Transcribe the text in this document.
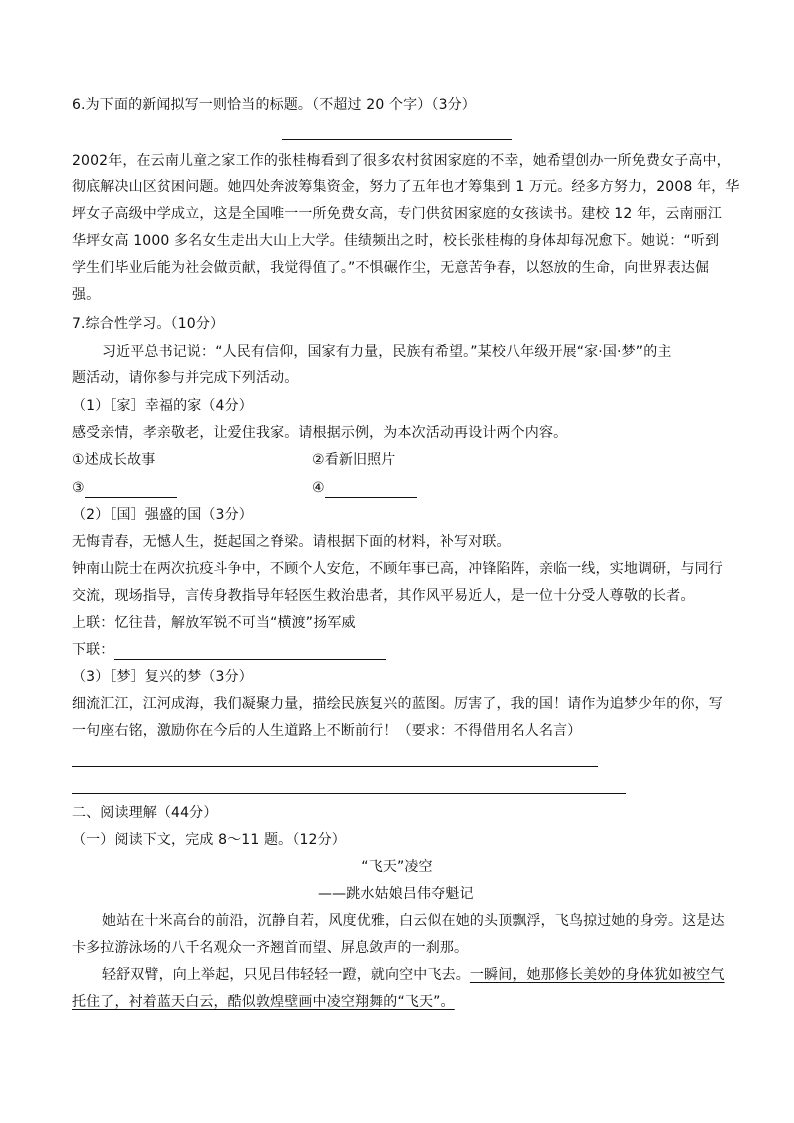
6.为下面的新闻拟写一则恰当的标题。（不超过 20 个字）（3分）
2002年，在云南儿童之家工作的张桂梅看到了很多农村贫困家庭的不幸，她希望创办一所免费女子高中，
彻底解决山区贫困问题。她四处奔波筹集资金，努力了五年也才筹集到 1 万元。经多方努力，2008 年，华
坪女子高级中学成立，这是全国唯一一所免费女高，专门供贫困家庭的女孩读书。建校 12 年，云南丽江
华坪女高 1000 多名女生走出大山上大学。佳绩频出之时，校长张桂梅的身体却每况愈下。她说：“听到
学生们毕业后能为社会做贡献，我觉得值了。”不惧碾作尘，无意苦争春，以怒放的生命，向世界表达倔
强。
7.综合性学习。（10分）
习近平总书记说：“人民有信仰，国家有力量，民族有希望。”某校八年级开展“家·国·梦”的主
题活动，请你参与并完成下列活动。
（1）［家］幸福的家（4分）
感受亲情，孝亲敬老，让爱住我家。请根据示例，为本次活动再设计两个内容。
①述成长故事	②看新旧照片
③	④
（2）［国］强盛的国（3分）
无悔青春，无憾人生，挺起国之脊梁。请根据下面的材料，补写对联。
钟南山院士在两次抗疫斗争中，不顾个人安危，不顾年事已高，冲锋陷阵，亲临一线，实地调研，与同行
交流，现场指导，言传身教指导年轻医生救治患者，其作风平易近人，是一位十分受人尊敬的长者。
上联：忆往昔，解放军锐不可当“横渡”扬军威
下联：
（3）［梦］复兴的梦（3分）
细流汇江，江河成海，我们凝聚力量，描绘民族复兴的蓝图。厉害了，我的国！请作为追梦少年的你，写
一句座右铭，激励你在今后的人生道路上不断前行！（要求：不得借用名人名言）
二、阅读理解（44分）
（一）阅读下文，完成 8～11 题。（12分）
“飞天”凌空
——跳水姑娘吕伟夺魁记
她站在十米高台的前沿，沉静自若，风度优雅，白云似在她的头顶飘浮，飞鸟掠过她的身旁。这是达
卡多拉游泳场的八千名观众一齐翘首而望、屏息敛声的一刹那。
轻舒双臂，向上举起，只见吕伟轻轻一蹬，就向空中飞去。一瞬间，她那修长美妙的身体犹如被空气
托住了，衬着蓝天白云，酷似敦煌壁画中凌空翔舞的“飞天”。
